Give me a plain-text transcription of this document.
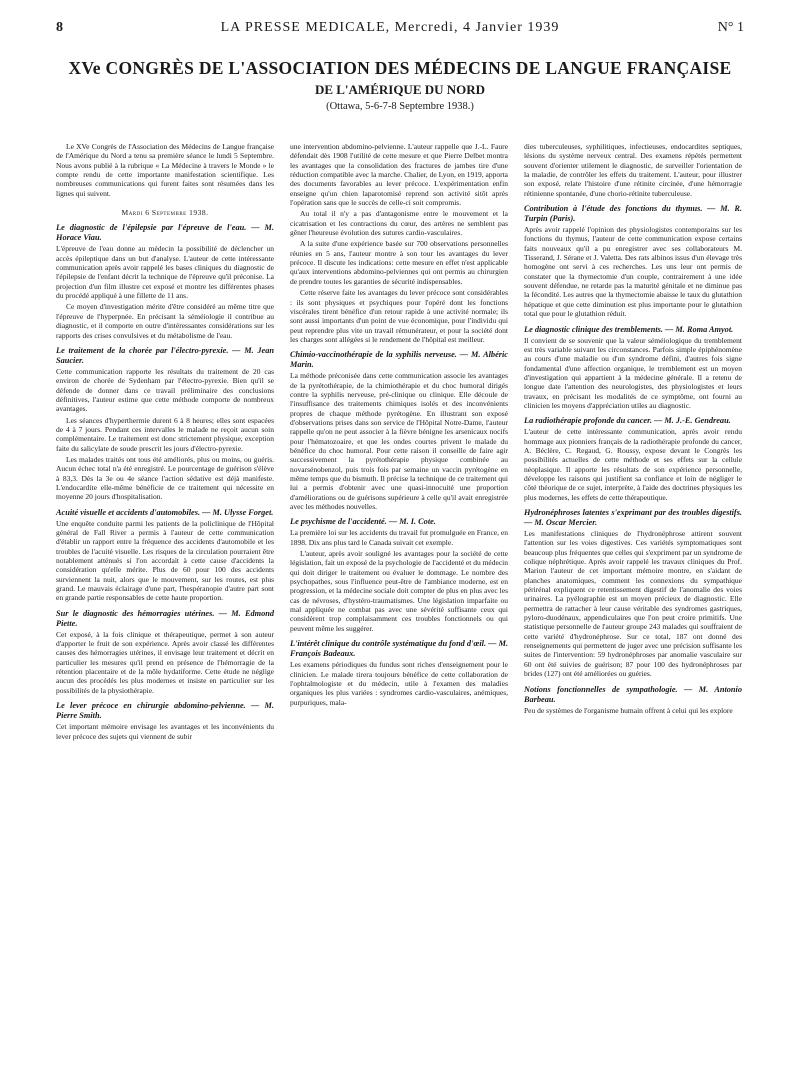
8	LA PRESSE MEDICALE, Mercredi, 4 Janvier 1939	N° 1
XVe CONGRÈS DE L'ASSOCIATION DES MÉDECINS DE LANGUE FRANÇAISE
DE L'AMÉRIQUE DU NORD
(Ottawa, 5-6-7-8 Septembre 1938.)

Le XVe Congrès de l'Association des Médecins de Langue française de l'Amérique du Nord a tenu sa première séance le lundi 5 Septembre. Nous avons publié à la rubrique « La Médecine à travers le Monde » le compte rendu de cette importante manifestation scientifique. Les nombreuses communications qui furent faites sont résumées dans les lignes qui suivent.

Mardi 6 Septembre 1938.
Le diagnostic de l'épilepsie par l'épreuve de l'eau. — M. Horace Viau.

L'épreuve de l'eau donne au médecin la possibilité de déclencher un accès épileptique dans un but d'analyse. L'auteur de cette intéressante communication après avoir rappelé les bases cliniques du diagnostic de l'épilepsie de l'enfant décrit la technique de l'épreuve qu'il préconise. La projection d'un film illustre cet exposé et montre les différentes phases du procédé appliqué à une fillette de 11 ans.

Ce moyen d'investigation mérite d'être considéré au même titre que l'épreuve de l'hyperpnée. En précisant la séméiologie il contribue au diagnostic, et il comporte en outre d'intéressantes considérations sur les rapports des crises convulsives et du métabolisme de l'eau.

Le traitement de la chorée par l'électro-pyrexie. — M. Jean Saucier.

Cette communication rapporte les résultats du traitement de 20 cas environ de chorée de Sydenham par l'électro-pyrexie. Bien qu'il se défende de donner dans ce travail préliminaire des conclusions définitives, l'auteur estime que cette méthode comporte de nombreux avantages.

Les séances d'hyperthermie durent 6 à 8 heures; elles sont espacées de 4 à 7 jours. Pendant ces intervalles le malade ne reçoit aucun soin complémentaire. Le traitement est donc strictement physique, exception faite du salicylate de soude prescrit les jours d'électro-pyrexie.

Les malades traités ont tous été améliorés, plus ou moins, ou guéris. Aucun échec total n'a été enregistré. Le pourcentage de guérison s'élève à 83,3. Dès la 3e ou 4e séance l'action sédative est déjà manifeste. L'endocardite elle-même bénéficie de ce traitement qui nécessite en moyenne 20 jours d'hospitalisation.

Acuité visuelle et accidents d'automobiles. — M. Ulysse Forget.

Une enquête conduite parmi les patients de la policlinique de l'Hôpital général de Fall River a permis à l'auteur de cette communication d'établir un rapport entre la fréquence des accidents d'automobile et les troubles de l'acuité visuelle. Les risques de la circulation pourraient être notablement atténués si l'on accordait à cette cause d'accidents la considération qu'elle mérite. Plus de 60 pour 100 des accidents surviennent la nuit, alors que le mouvement, sur les routes, est plus grand. Le mauvais éclairage d'une part, l'hespéranopie d'autre part sont en grande partie responsables de cette haute proportion.

Sur le diagnostic des hémorragies utérines. — M. Edmond Piette.

Cet exposé, à la fois clinique et thérapeutique, permet à son auteur d'apporter le fruit de son expérience. Après avoir classé les différentes causes des hémorragies utérines, il envisage leur traitement et décrit en particulier les mesures qu'il prend en présence de l'hémorragie de la rétention placentaire et de la môle hydatiforme. Cette étude ne néglige aucun des procédés les plus modernes et insiste en particulier sur les possibilités de la physiothérapie.

Le lever précoce en chirurgie abdomino-pelvienne. — M. Pierre Smith.

Cet important mémoire envisage les avantages et les inconvénients du lever précoce des sujets qui viennent de subir

une intervention abdomino-pelvienne. L'auteur rappelle que J.-L. Faure défendait dès 1908 l'utilité de cette mesure et que Pierre Delbet montra les avantages que la consolidation des fractures de jambes tire d'une réduction compatible avec la marche. Chalier, de Lyon, en 1919, apporta des documents favorables au lever précoce. L'expérimentation enfin enseigne qu'un chien laparotomisé reprend son activité sitôt après l'opération sans que le succès de celle-ci soit compromis.

Au total il n'y a pas d'antagonisme entre le mouvement et la cicatrisation et les contractions du cœur, des artères ne semblent pas gêner l'heureuse évolution des sutures cardio-vasculaires.

A la suite d'une expérience basée sur 700 observations personnelles réunies en 5 ans, l'auteur montre à son tour les avantages du lever précoce. Il discute les indications: cette mesure en effet n'est applicable qu'aux interventions abdomino-pelviennes qui ont permis au chirurgien de prendre toutes les garanties de sécurité indispensables.

Cette réserve faite les avantages du lever précoce sont considérables : ils sont physiques et psychiques pour l'opéré dont les fonctions viscérales tirent bénéfice d'un retour rapide à une activité normale; ils sont aussi importants d'un point de vue économique, pour l'individu qui peut reprendre plus vite un travail rémunérateur, et pour la société dont les charges sont allégées si le rendement de l'hôpital est meilleur.

Chimio-vaccinothérapie de la syphilis nerveuse. — M. Albéric Marin.

La méthode préconisée dans cette communication associe les avantages de la pyrétothérapie, de la chimiothérapie et du choc humoral dirigés contre la syphilis nerveuse, pré-clinique ou clinique. Elle découle de l'insuffisance des traitements chimiques isolés et des inconvénients propres de chaque méthode pyrétogène. En illustrant son exposé d'observations prises dans son service de l'Hôpital Notre-Dame, l'auteur rappelle qu'on ne peut associer à la fièvre bénigne les arsenicaux nocifs pour l'hématozoaire, et que les ondes courtes privent le malade du bénéfice du choc humoral. Pour cette raison il conseille de faire agir successivement la pyrétothérapie physique combinée au novarsénobenzol, puis trois fois par semaine un vaccin pyrétogène en même temps que du bismuth. Il précise la technique de ce traitement qui lui a permis d'obtenir avec une quasi-innocuité une proportion d'améliorations ou de guérisons supérieure à celle qu'il avait enregistrée avec les méthodes nouvelles.

Le psychisme de l'accidenté. — M. I. Cote.

La première loi sur les accidents du travail fut promulguée en France, en 1898. Dix ans plus tard le Canada suivait cet exemple.

L'auteur, après avoir souligné les avantages pour la société de cette législation, fait un exposé de la psychologie de l'accidenté et du médecin qui doit diriger le traitement ou évaluer le dommage. Le nombre des psychopathes, sous l'influence peut-être de l'ambiance moderne, est en progression, et la médecine sociale doit compter de plus en plus avec les cas de névroses, d'hystéro-traumatismes. Une législation imparfaite ou mal appliquée ne combat pas avec une sévérité suffisante ceux qui considèrent trop complaisamment ces troubles fonctionnels ou qui peuvent même les suggérer.

L'intérêt clinique du contrôle systématique du fond d'œil. — M. François Badeaux.

Les examens périodiques du fundus sont riches d'enseignement pour le clinicien. Le malade tirera toujours bénéfice de cette collaboration de l'ophtalmologiste et du médecin, utile à l'examen des maladies organiques les plus variées : syndromes cardio-vasculaires, anémiques, purpuriques, mala-

dies tuberculeuses, syphilitiques, infectieuses, endocardites septiques, lésions du système nerveux central. Des examens répétés permettent souvent d'orienter utilement le diagnostic, de surveiller l'orientation de la maladie, de contrôler les effets du traitement. L'auteur, pour illustrer son exposé, relate l'histoire d'une rétinite circinée, d'une hémorragie rétinienne spontanée, d'une chorio-rétinite tuberculeuse.

Contribution à l'étude des fonctions du thymus. — M. R. Turpin (Paris).

Après avoir rappelé l'opinion des physiologistes contemporains sur les fonctions du thymus, l'auteur de cette communication expose certains faits nouveaux qu'il a pu enregistrer avec ses collaborateurs M. Tisserand, J. Sérane et J. Valetta. Des rats albinos issus d'un élevage très homogène ont servi à ces recherches. Les uns leur ont permis de constater que la thymectomie d'un couple, contrairement à une idée souvent défendue, ne retarde pas la maturité génitale et ne diminue pas la fécondité. Les autres que la thymectomie abaisse le taux du glutathion hépatique et que cette diminution est plus importante pour le glutathion total que pour le glutathion réduit.

Le diagnostic clinique des tremblements. — M. Roma Amyot.

Il convient de se souvenir que la valeur séméiologique du tremblement est très variable suivant les circonstances. Parfois simple épiphénomène au cours d'une maladie ou d'un syndrome défini, d'autres fois signe fondamental d'une affection organique, le tremblement est un moyen d'investigation qui appartient à la médecine générale. Il a retenu de longue date l'attention des neurologistes, des physiologistes et leurs travaux, en précisant les modalités de ce symptôme, ont fourni au clinicien les moyens d'appréciation utiles au diagnostic.

La radiothérapie profonde du cancer. — M. J.-E. Gendreau.

L'auteur de cette intéressante communication, après avoir rendu hommage aux pionniers français de la radiothérapie profonde du cancer, A. Béclère, C. Regaud, G. Roussy, expose devant le Congrès les possibilités actuelles de cette méthode et ses effets sur la cellule néoplasique. Il apporte les résultats de son expérience personnelle, développe les raisons qui justifient sa confiance et loin de négliger le côté théorique de ce sujet, interprète, à l'aide des doctrines physiques les plus modernes, les effets de cette thérapeutique.

Hydronéphroses latentes s'exprimant par des troubles digestifs. — M. Oscar Mercier.

Les manifestations cliniques de l'hydronéphrose attirent souvent l'attention sur les voies digestives. Ces variétés symptomatiques sont beaucoup plus fréquentes que celles qui s'expriment par un syndrome de colique néphrétique. Après avoir rappelé les travaux cliniques du Prof. Marion l'auteur de cet important mémoire montre, en s'aidant de planches anatomiques, comment les connexions du sympathique périrénal expliquent ce retentissement digestif de l'anomalie des voies urinaires. La pyélographie est un moyen précieux de diagnostic. Elle permettra de rattacher à leur cause véritable des syndromes gastriques, pyloro-duodénaux, appendiculaires que l'on peut croire primitifs. Une statistique personnelle de l'auteur groupe 243 malades qui souffraient de cette variété d'hydronéphrose. Sur ce total, 187 ont donné des renseignements qui permettent de juger avec une précision suffisante les suites de l'intervention: 59 hydronéphroses par anomalie vasculaire sur 60 ont été suivies de guérison; 87 pour 100 des hydronéphroses par brides (127) ont été améliorées ou guéries.

Notions fonctionnelles de sympathologie. — M. Antonio Barbeau.

Peu de systèmes de l'organisme humain offrent à celui qui les explore
